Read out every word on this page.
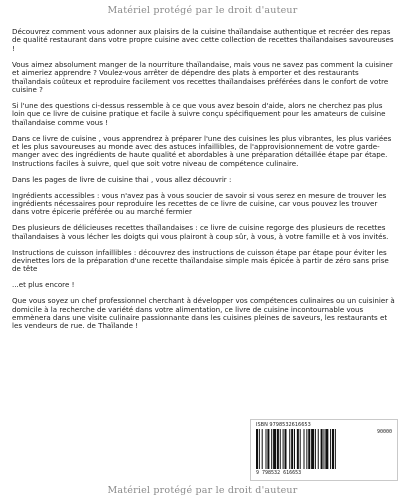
Matériel protégé par le droit d'auteur

Découvrez comment vous adonner aux plaisirs de la cuisine thaïlandaise authentique et recréer des repas de qualité restaurant dans votre propre cuisine avec cette collection de recettes thaïlandaises savoureuses !

Vous aimez absolument manger de la nourriture thaïlandaise, mais vous ne savez pas comment la cuisiner et aimeriez apprendre ? Voulez-vous arrêter de dépendre des plats à emporter et des restaurants thaïlandais coûteux et reproduire facilement vos recettes thaïlandaises préférées dans le confort de votre cuisine ?

Si l'une des questions ci-dessus ressemble à ce que vous avez besoin d'aide, alors ne cherchez pas plus loin que ce livre de cuisine pratique et facile à suivre conçu spécifiquement pour les amateurs de cuisine thaïlandaise comme vous !

Dans ce livre de cuisine , vous apprendrez à préparer l'une des cuisines les plus vibrantes, les plus variées et les plus savoureuses au monde avec des astuces infaillibles, de l'approvisionnement de votre garde-manger avec des ingrédients de haute qualité et abordables à une préparation détaillée étape par étape. Instructions faciles à suivre, quel que soit votre niveau de compétence culinaire.

Dans les pages de livre de cuisine thai , vous allez découvrir :

Ingrédients accessibles : vous n'avez pas à vous soucier de savoir si vous serez en mesure de trouver les ingrédients nécessaires pour reproduire les recettes de ce livre de cuisine, car vous pouvez les trouver dans votre épicerie préférée ou au marché fermier

Des plusieurs de délicieuses recettes thaïlandaises : ce livre de cuisine regorge des plusieurs de recettes thaïlandaises à vous lécher les doigts qui vous plairont à coup sûr, à vous, à votre famille et à vos invités.

Instructions de cuisson infaillibles : découvrez des instructions de cuisson étape par étape pour éviter les devinettes lors de la préparation d'une recette thaïlandaise simple mais épicée à partir de zéro sans prise de tête

...et plus encore !

Que vous soyez un chef professionnel cherchant à développer vos compétences culinaires ou un cuisinier à domicile à la recherche de variété dans votre alimentation, ce livre de cuisine incontournable vous emmènera dans une visite culinaire passionnante dans les cuisines pleines de saveurs, les restaurants et les vendeurs de rue. de Thaïlande !

ISBN 9798532616653
9 798532 616653
90000
Matériel protégé par le droit d'auteur
